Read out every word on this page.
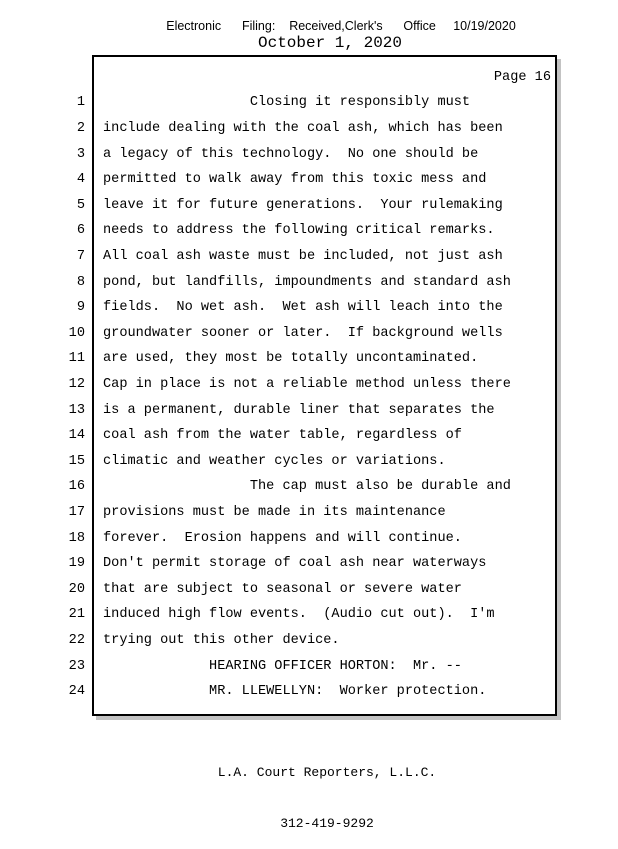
Electronic      Filing:    Received,Clerk's      Office     10/19/2020
October 1, 2020
Page 16
1	Closing it responsibly must
2	include dealing with the coal ash, which has been
3	a legacy of this technology.  No one should be
4	permitted to walk away from this toxic mess and
5	leave it for future generations.  Your rulemaking
6	needs to address the following critical remarks.
7	All coal ash waste must be included, not just ash
8	pond, but landfills, impoundments and standard ash
9	fields.  No wet ash.  Wet ash will leach into the
10	groundwater sooner or later.  If background wells
11	are used, they most be totally uncontaminated.
12	Cap in place is not a reliable method unless there
13	is a permanent, durable liner that separates the
14	coal ash from the water table, regardless of
15	climatic and weather cycles or variations.
16	The cap must also be durable and
17	provisions must be made in its maintenance
18	forever.  Erosion happens and will continue.
19	Don't permit storage of coal ash near waterways
20	that are subject to seasonal or severe water
21	induced high flow events.  (Audio cut out).  I'm
22	trying out this other device.
23	HEARING OFFICER HORTON:  Mr. --
24	MR. LLEWELLYN:  Worker protection.

L.A. Court Reporters, L.L.C.

312-419-9292
